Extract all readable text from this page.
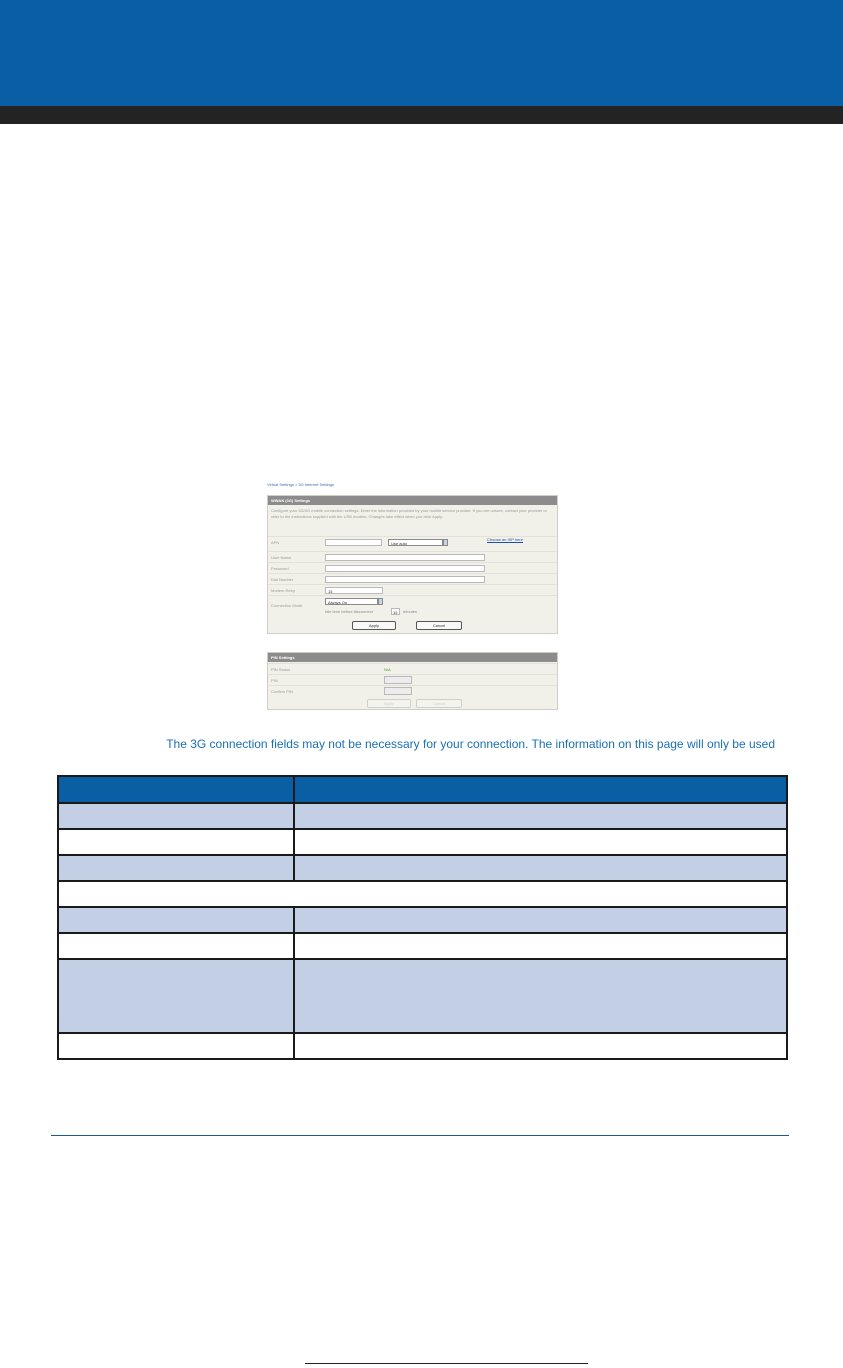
Virtual Settings > 3G Internet Settings
WWAN (3G) Settings
Configure your 3G/4G mobile connection settings. Enter the information provided by your mobile service provider. If you are unsure, contact your provider or refer to the instructions supplied with the USB modem. Changes take effect when you click Apply.
APN	Use auto
Choose an ISP here
User Name
Password
Dial Number
Modem Retry	15
Connection Mode
Always On
Idle time before disconnect	15 minutes
Apply	Cancel
PIN Settings
PIN Status	N/A
PIN
Confirm PIN
Apply	Cancel
The 3G connection fields may not be necessary for your connection. The information on this page will only be used
